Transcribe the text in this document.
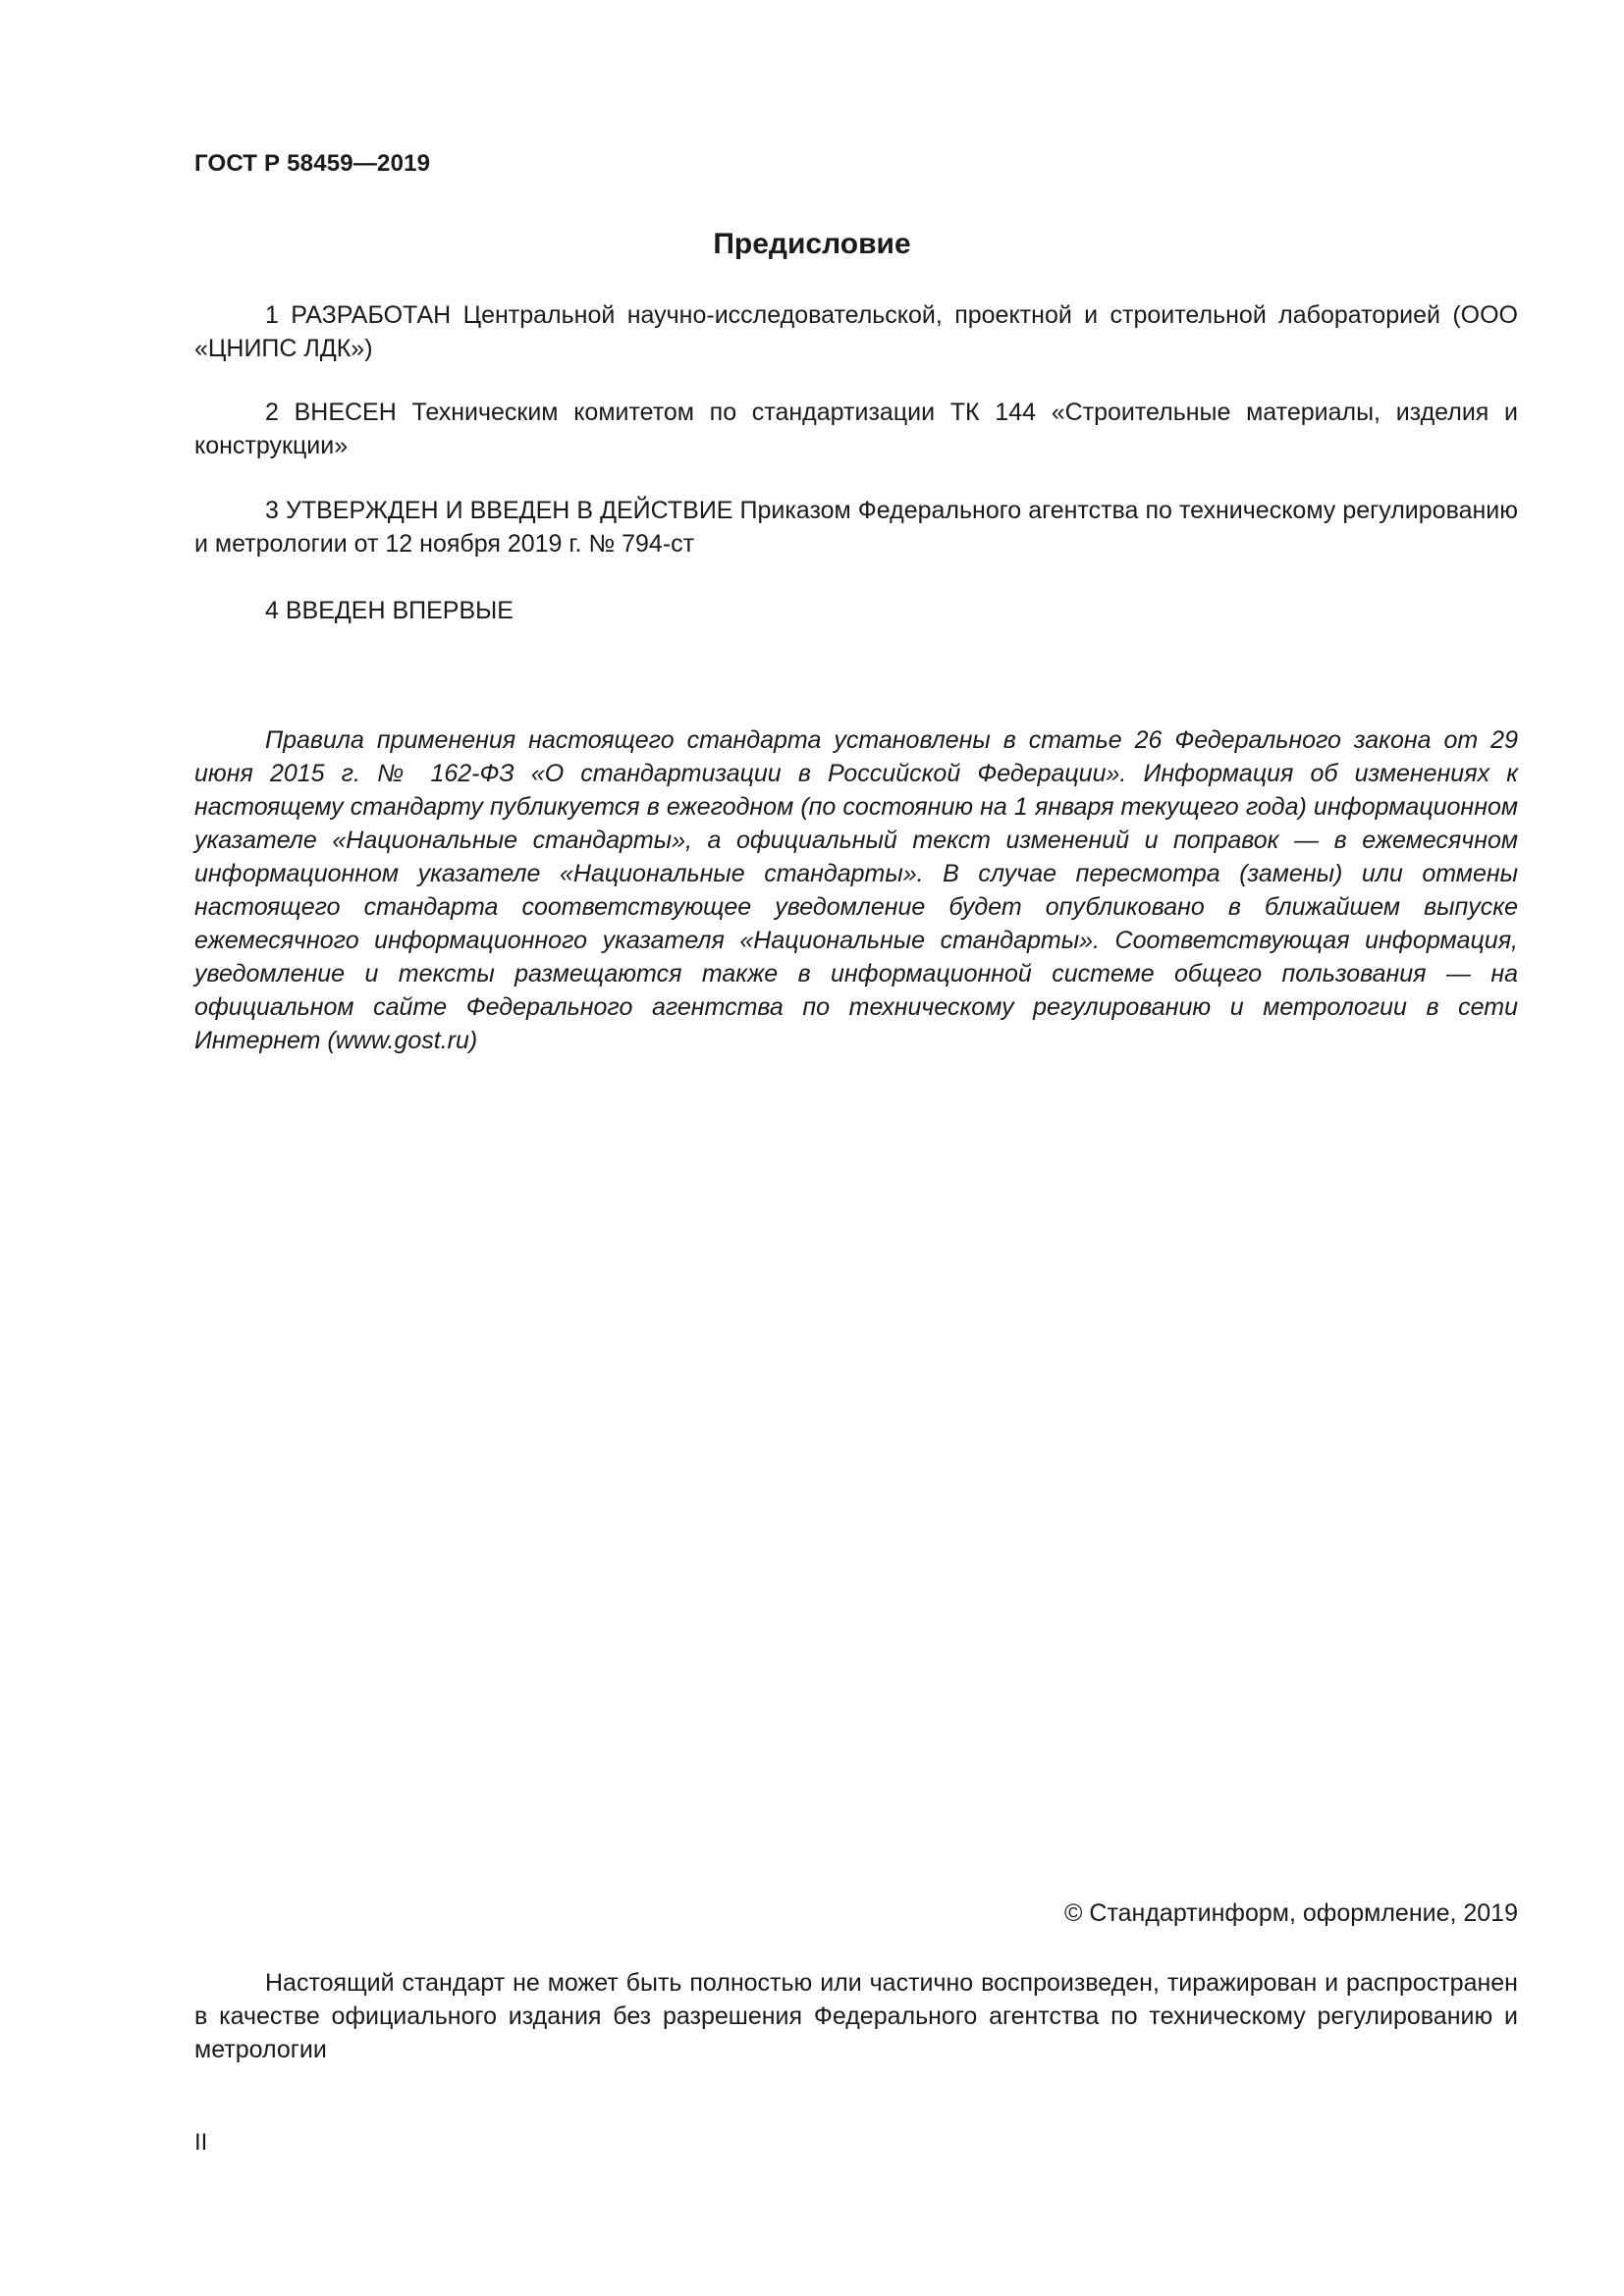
ГОСТ Р 58459—2019
Предисловие

1 РАЗРАБОТАН Центральной научно-исследовательской, проектной и строительной лабораторией (ООО «ЦНИПС ЛДК»)

2 ВНЕСЕН Техническим комитетом по стандартизации ТК 144 «Строительные материалы, изделия и конструкции»

3 УТВЕРЖДЕН И ВВЕДЕН В ДЕЙСТВИЕ Приказом Федерального агентства по техническому регулированию и метрологии от 12 ноября 2019 г. № 794-ст

4 ВВЕДЕН ВПЕРВЫЕ

Правила применения настоящего стандарта установлены в статье 26 Федерального закона от 29 июня 2015 г. № 162-ФЗ «О стандартизации в Российской Федерации». Информация об изменениях к настоящему стандарту публикуется в ежегодном (по состоянию на 1 января текущего года) информационном указателе «Национальные стандарты», а официальный текст изменений и поправок — в ежемесячном информационном указателе «Национальные стандарты». В случае пересмотра (замены) или отмены настоящего стандарта соответствующее уведомление будет опубликовано в ближайшем выпуске ежемесячного информационного указателя «Национальные стандарты». Соответствующая информация, уведомление и тексты размещаются также в информационной системе общего пользования — на официальном сайте Федерального агентства по техническому регулированию и метрологии в сети Интернет (www.gost.ru)

© Стандартинформ, оформление, 2019

Настоящий стандарт не может быть полностью или частично воспроизведен, тиражирован и распространен в качестве официального издания без разрешения Федерального агентства по техническому регулированию и метрологии

II
